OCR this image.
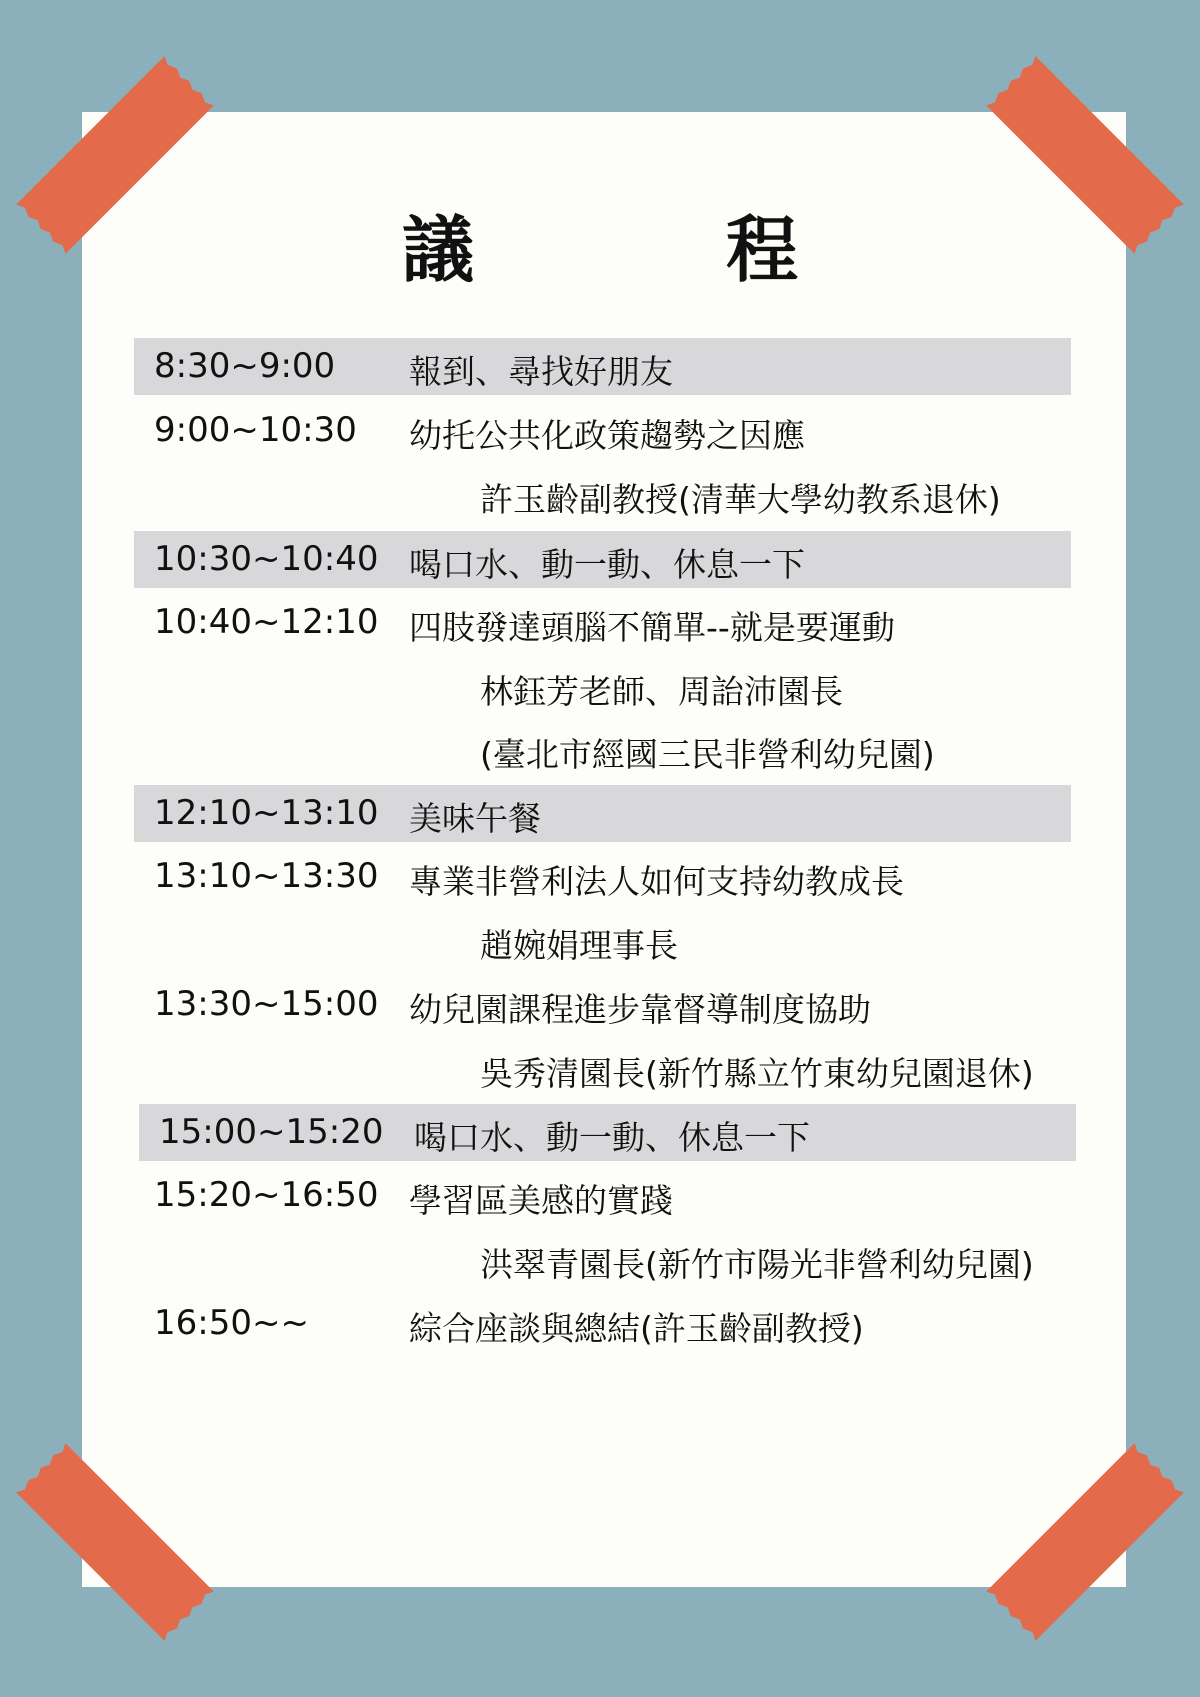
議　程
8:30~9:00 報到、尋找好朋友
9:00~10:30 幼托公共化政策趨勢之因應
許玉齡副教授(清華大學幼教系退休)
10:30~10:40 喝口水、動一動、休息一下
10:40~12:10 四肢發達頭腦不簡單--就是要運動
林鈺芳老師、周詒沛園長
(臺北市經國三民非營利幼兒園)
12:10~13:10 美味午餐
13:10~13:30 專業非營利法人如何支持幼教成長
趙婉娟理事長
13:30~15:00 幼兒園課程進步靠督導制度協助
吳秀清園長(新竹縣立竹東幼兒園退休)
15:00~15:20 喝口水、動一動、休息一下
15:20~16:50 學習區美感的實踐
洪翠青園長(新竹市陽光非營利幼兒園)
16:50~~	綜合座談與總結(許玉齡副教授)
